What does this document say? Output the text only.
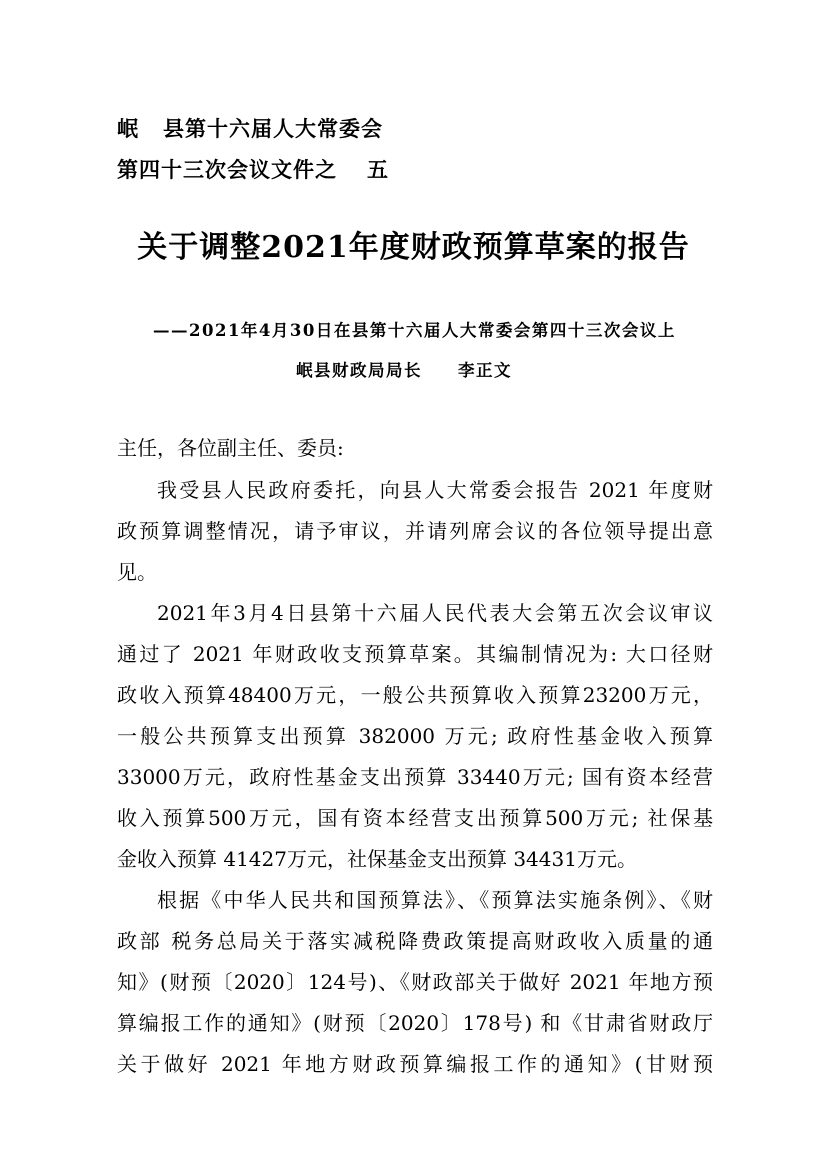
岷 县第十六届人大常委会
第四十三次会议文件之 五
关于调整2021年度财政预算草案的报告
——2021年4月30日在县第十六届人大常委会第四十三次会议上
岷县财政局局长 李正文
主任，各位副主任、委员:
我受县人民政府委托，向县人大常委会报告 2021 年度财
政预算调整情况，请予审议，并请列席会议的各位领导提出意
见。
2021年3月4日县第十六届人民代表大会第五次会议审议
通过了 2021 年财政收支预算草案。其编制情况为: 大口径财
政收入预算48400万元，一般公共预算收入预算23200万元，
一般公共预算支出预算 382000 万元; 政府性基金收入预算
33000万元，政府性基金支出预算 33440万元; 国有资本经营
收入预算500万元，国有资本经营支出预算500万元; 社保基
金收入预算 41427万元，社保基金支出预算 34431万元。
根据《中华人民共和国预算法》、《预算法实施条例》、《财
政部 税务总局关于落实减税降费政策提高财政收入质量的通
知》(财预〔2020〕124号)、《财政部关于做好 2021 年地方预
算编报工作的通知》(财预〔2020〕178号) 和《甘肃省财政厅
关于做好 2021 年地方财政预算编报工作的通知》(甘财预
